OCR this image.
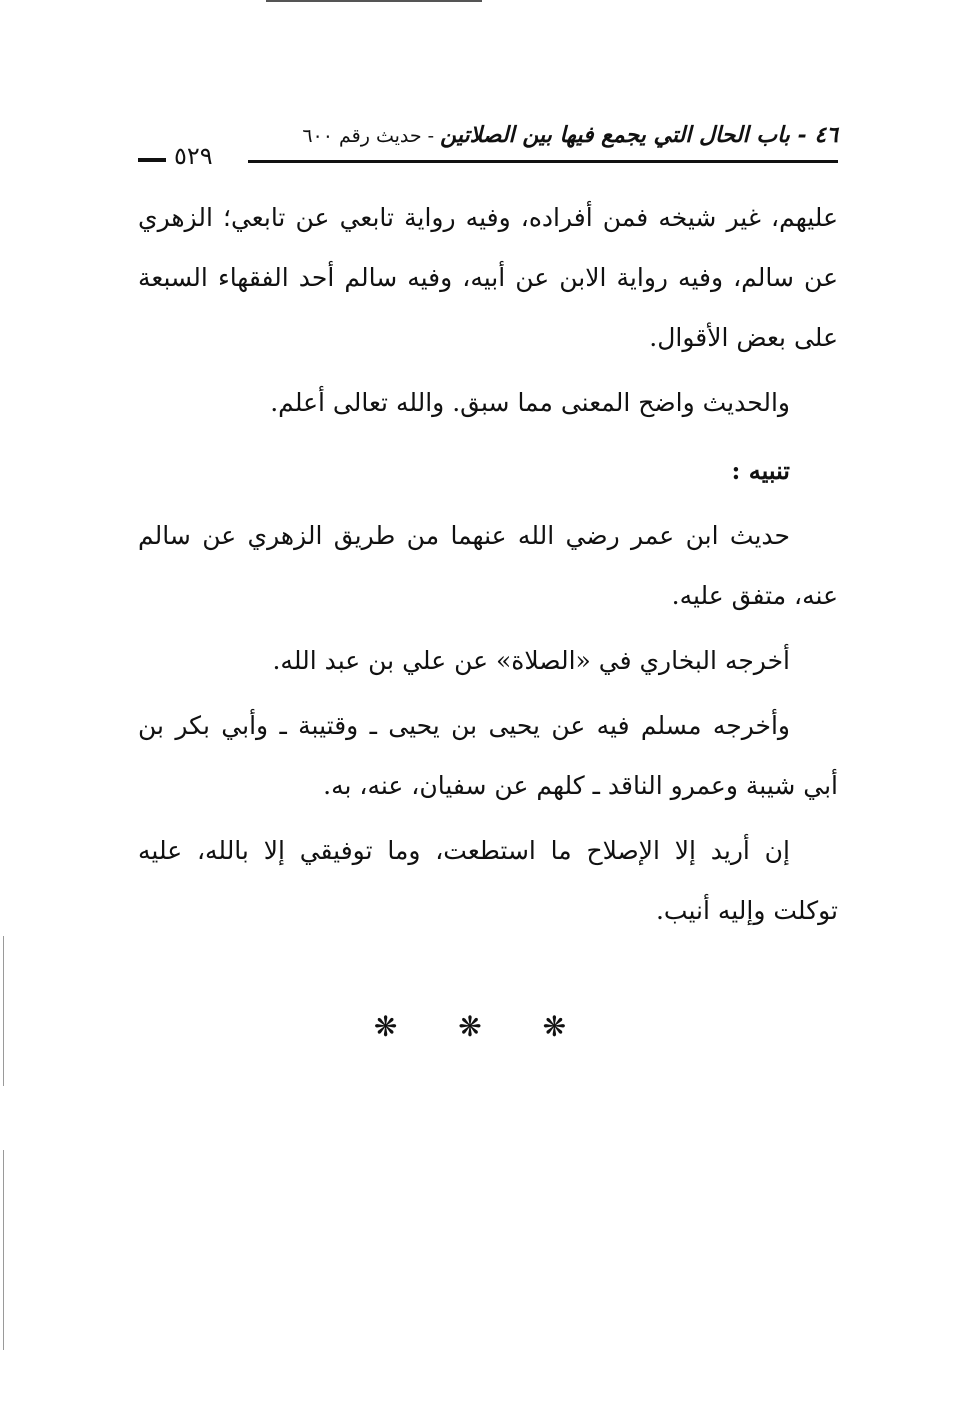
٤٦ - باب الحال التي يجمع فيها بين الصلاتين - حديث رقم ٦٠٠
٥٢٩

عليهم، غير شيخه فمن أفراده، وفيه رواية تابعي عن تابعي؛ الزهري عن سالم، وفيه رواية الابن عن أبيه، وفيه سالم أحد الفقهاء السبعة على بعض الأقوال.

والحديث واضح المعنى مما سبق. والله تعالى أعلم.

تنبيه :

حديث ابن عمر رضي الله عنهما من طريق الزهري عن سالم عنه، متفق عليه.

أخرجه البخاري في «الصلاة» عن علي بن عبد الله.

وأخرجه مسلم فيه عن يحيى بن يحيى ـ وقتيبة ـ وأبي بكر بن أبي شيبة وعمرو الناقد ـ كلهم عن سفيان، عنه، به.

إن أريد إلا الإصلاح ما استطعت، وما توفيقي إلا بالله، عليه توكلت وإليه أنيب.

❋ ❋ ❋
